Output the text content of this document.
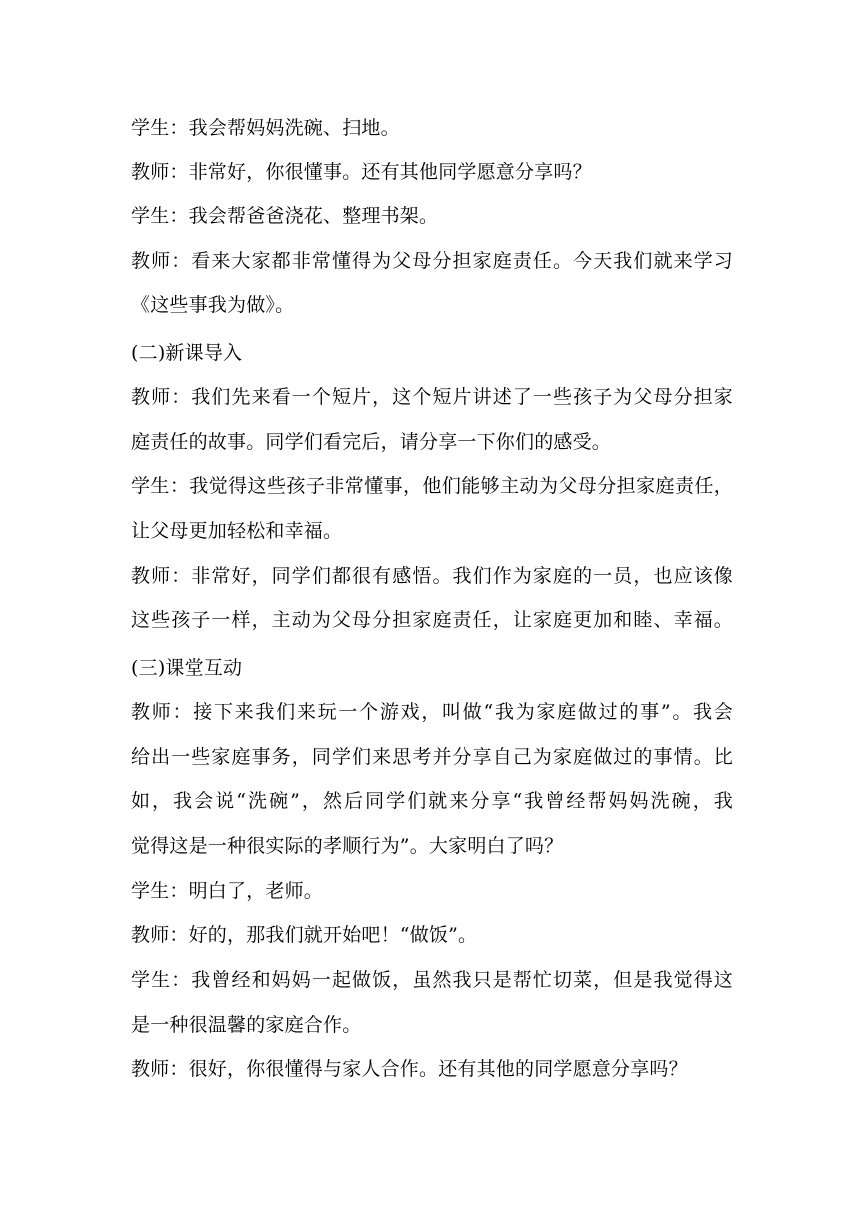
学生：我会帮妈妈洗碗、扫地。
教师：非常好，你很懂事。还有其他同学愿意分享吗？
学生：我会帮爸爸浇花、整理书架。
教师：看来大家都非常懂得为父母分担家庭责任。今天我们就来学习
《这些事我为做》。
(二)新课导入
教师：我们先来看一个短片，这个短片讲述了一些孩子为父母分担家
庭责任的故事。同学们看完后，请分享一下你们的感受。
学生：我觉得这些孩子非常懂事，他们能够主动为父母分担家庭责任，
让父母更加轻松和幸福。
教师：非常好，同学们都很有感悟。我们作为家庭的一员，也应该像
这些孩子一样，主动为父母分担家庭责任，让家庭更加和睦、幸福。
(三)课堂互动
教师：接下来我们来玩一个游戏，叫做“我为家庭做过的事”。我会
给出一些家庭事务，同学们来思考并分享自己为家庭做过的事情。比
如，我会说“洗碗”，然后同学们就来分享“我曾经帮妈妈洗碗，我
觉得这是一种很实际的孝顺行为”。大家明白了吗？
学生：明白了，老师。
教师：好的，那我们就开始吧！“做饭”。
学生：我曾经和妈妈一起做饭，虽然我只是帮忙切菜，但是我觉得这
是一种很温馨的家庭合作。
教师：很好，你很懂得与家人合作。还有其他的同学愿意分享吗？
